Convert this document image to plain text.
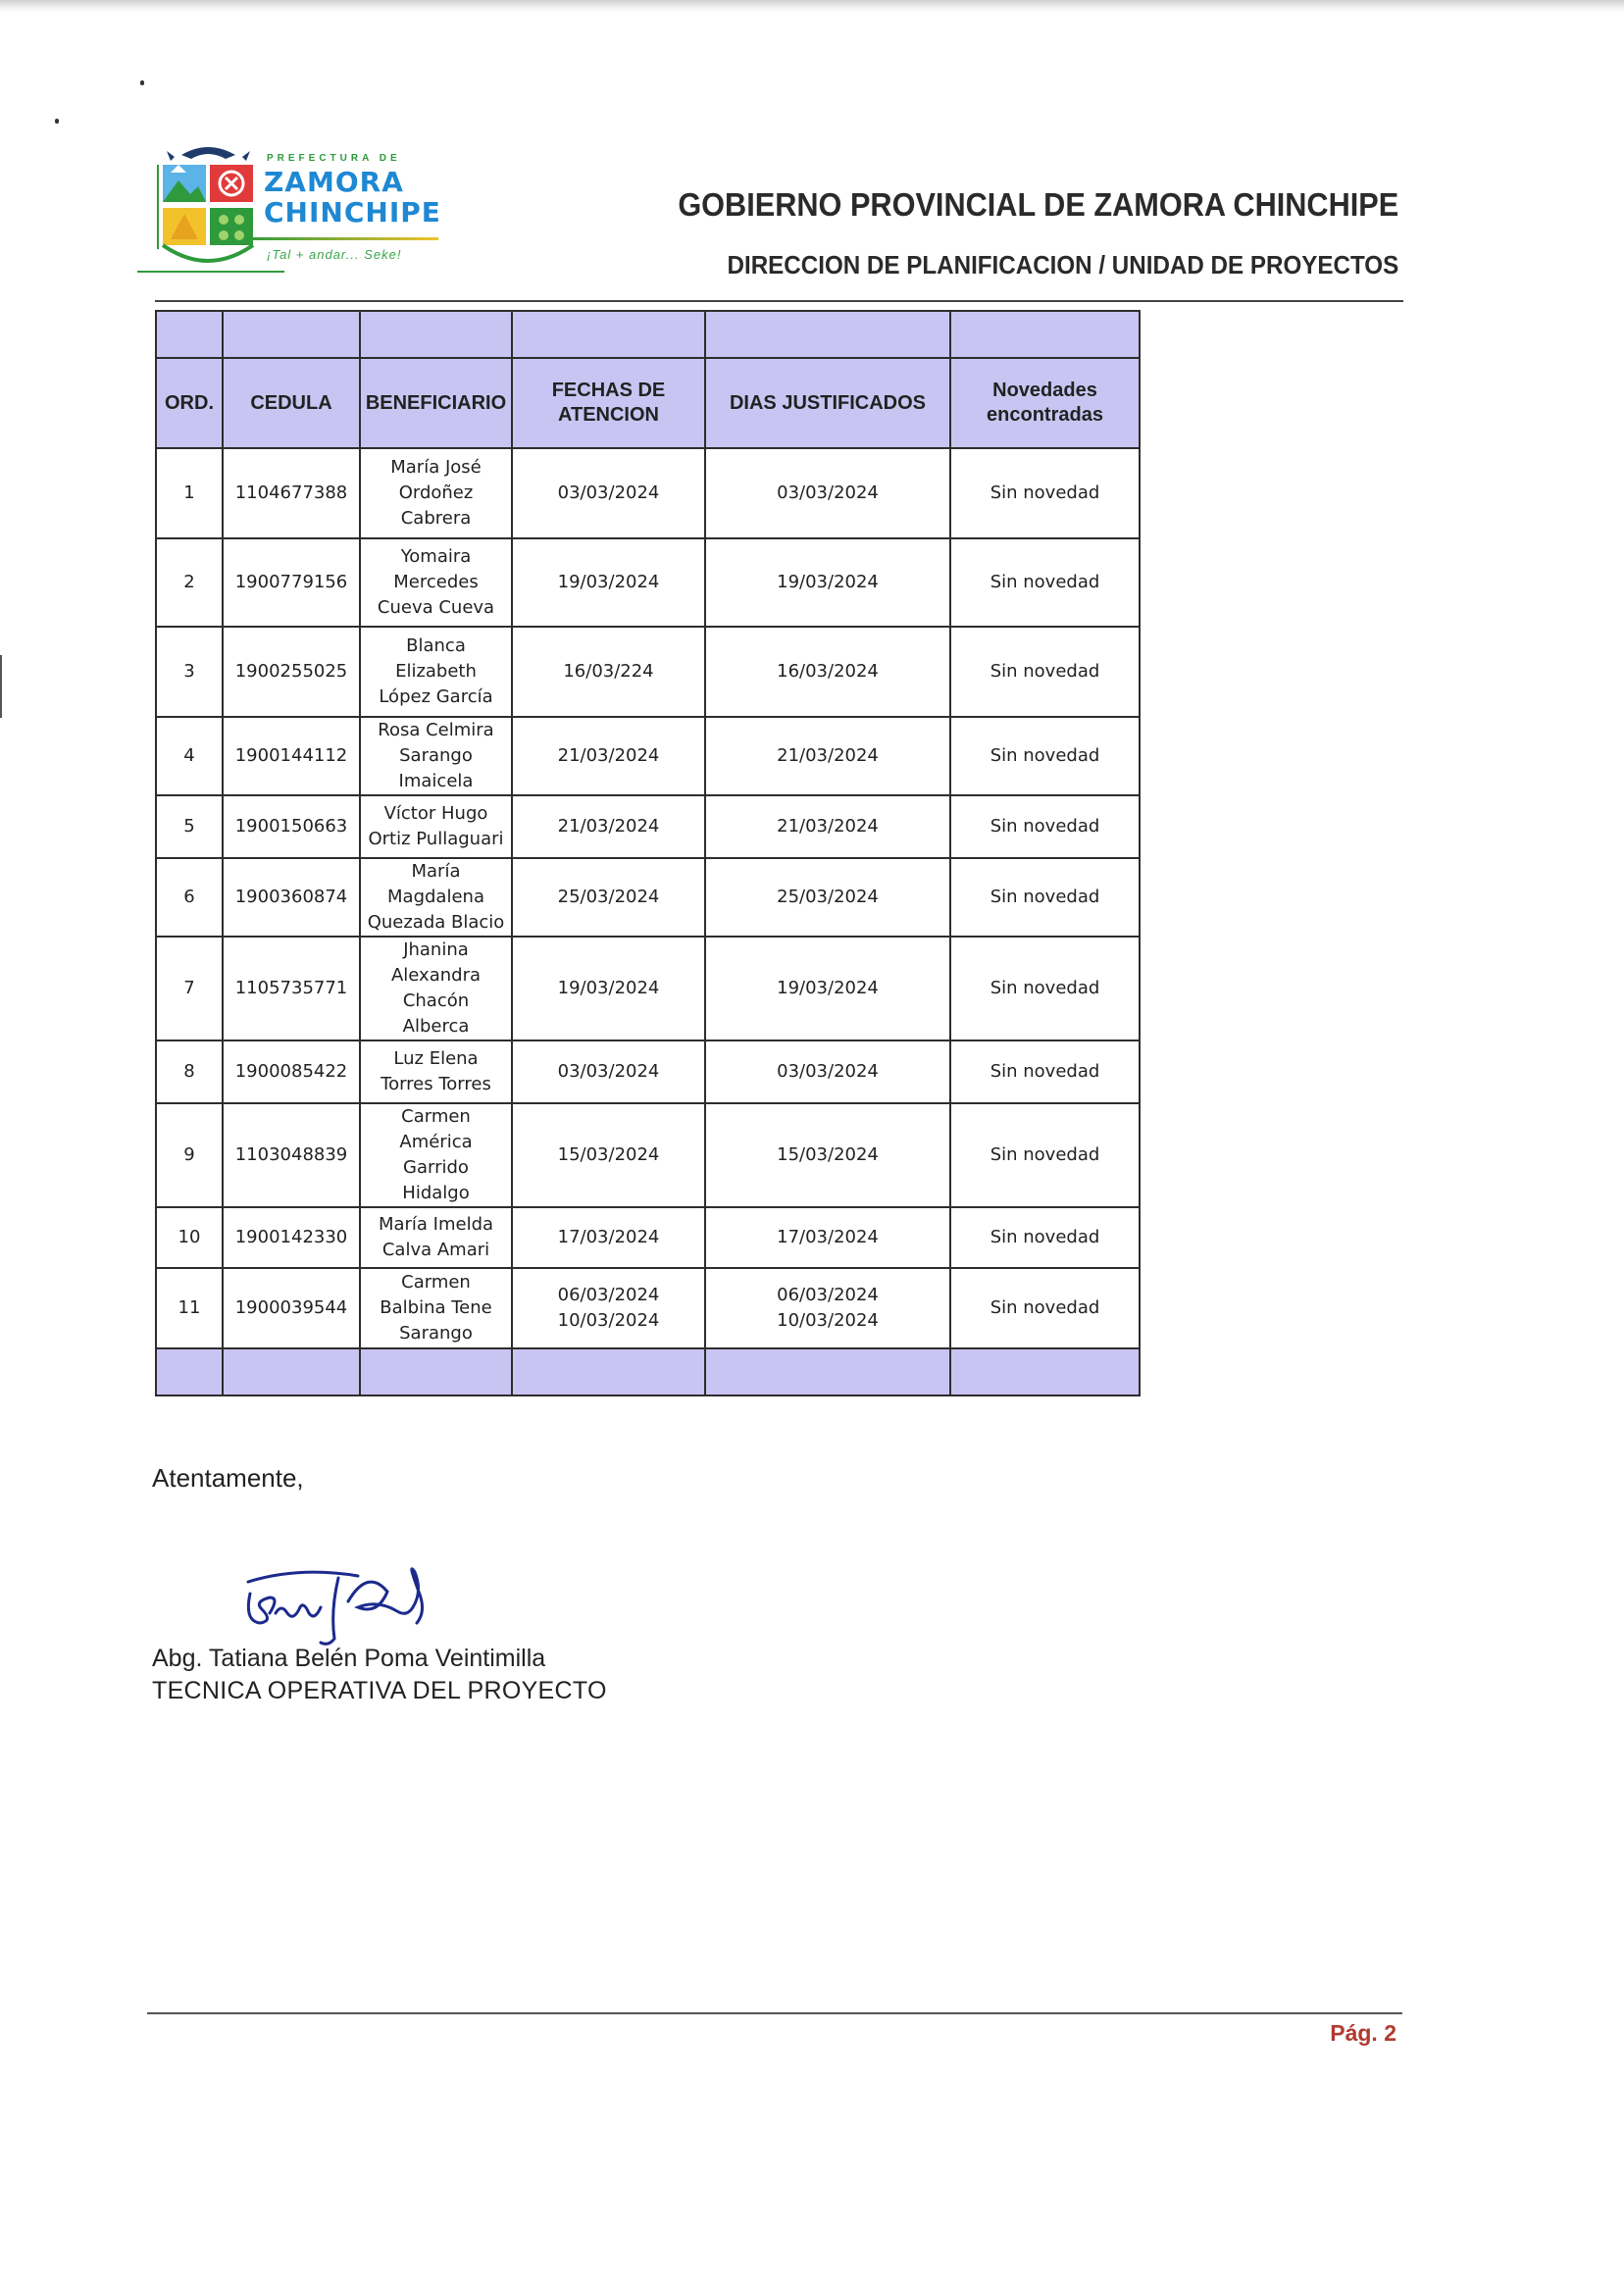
PREFECTURA DE
ZAMORA
CHINCHIPE
¡Tal + andar... Seke!
GOBIERNO PROVINCIAL DE ZAMORA CHINCHIPE
DIRECCION DE PLANIFICACION / UNIDAD DE PROYECTOS

ORD.	CEDULA	BENEFICIARIO	FECHAS DE ATENCION	DIAS JUSTIFICADOS	Novedades encontradas
1	1104677388	María José
Ordoñez
Cabrera	03/03/2024	03/03/2024	Sin novedad
2	1900779156	Yomaira
Mercedes
Cueva Cueva	19/03/2024	19/03/2024	Sin novedad
3	1900255025	Blanca
Elizabeth
López García	16/03/224	16/03/2024	Sin novedad
4	1900144112	Rosa Celmira
Sarango
Imaicela	21/03/2024	21/03/2024	Sin novedad
5	1900150663	Víctor Hugo
Ortiz Pullaguari	21/03/2024	21/03/2024	Sin novedad
6	1900360874	María
Magdalena
Quezada Blacio	25/03/2024	25/03/2024	Sin novedad
7	1105735771	Jhanina
Alexandra
Chacón
Alberca	19/03/2024	19/03/2024	Sin novedad
8	1900085422	Luz Elena
Torres Torres	03/03/2024	03/03/2024	Sin novedad
9	1103048839	Carmen
América
Garrido
Hidalgo	15/03/2024	15/03/2024	Sin novedad
10	1900142330	María Imelda
Calva Amari	17/03/2024	17/03/2024	Sin novedad
11	1900039544	Carmen
Balbina Tene
Sarango	06/03/2024
10/03/2024	06/03/2024
10/03/2024	Sin novedad

Atentamente,
Abg. Tatiana Belén Poma Veintimilla
TECNICA OPERATIVA DEL PROYECTO
Pág. 2
